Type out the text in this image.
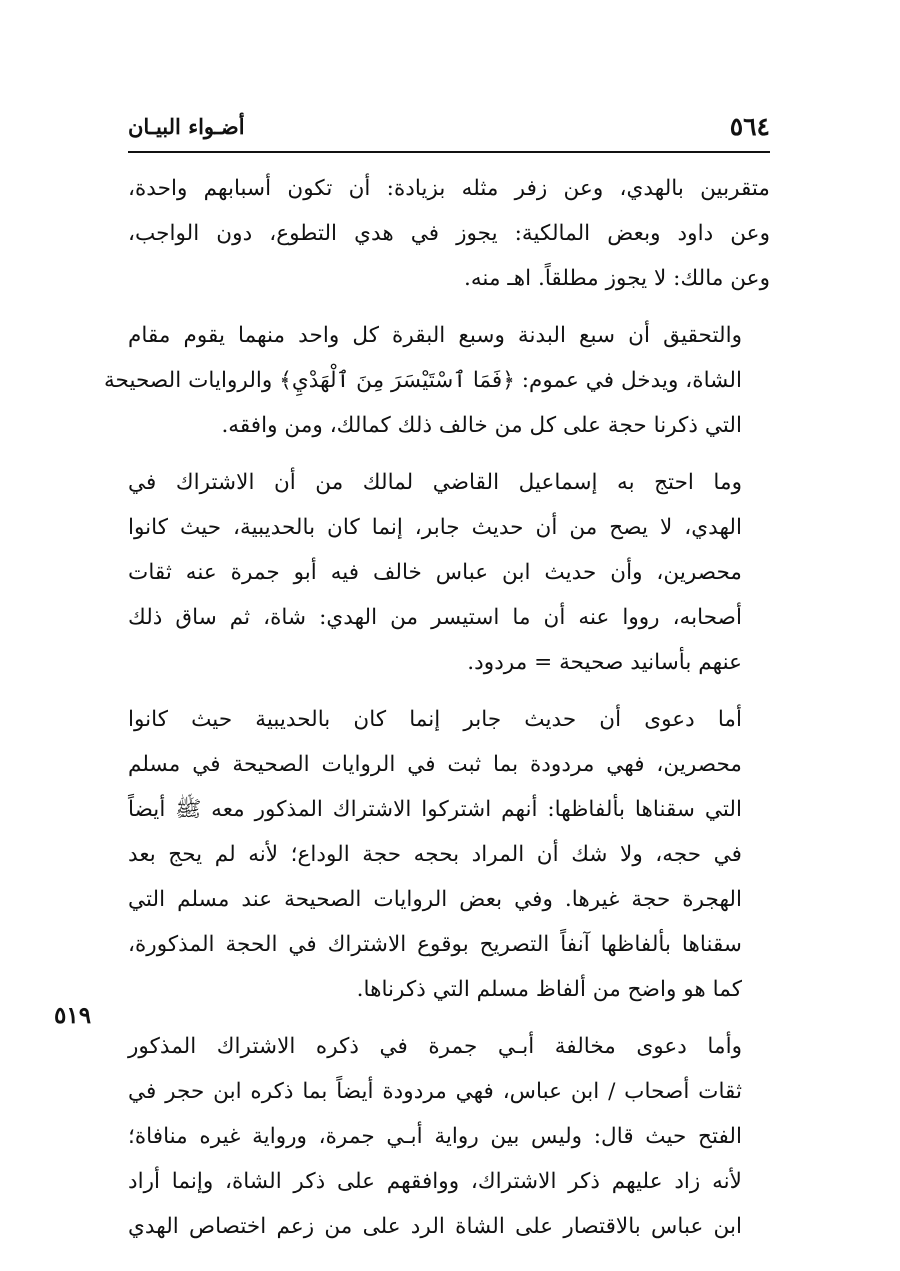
٥٦٤
أضـواء البيـان
٥١٩

متقربين بالهدي، وعن زفر مثله بزيادة: أن تكون أسبابهم واحدة،
وعن داود وبعض المالكية: يجوز في هدي التطوع، دون الواجب،
وعن مالك: لا يجوز مطلقاً. اهـ منه.

والتحقيق أن سبع البدنة وسبع البقرة كل واحد منهما يقوم مقام
الشاة، ويدخل في عموم: ﴿فَمَا ٱسْتَيْسَرَ مِنَ ٱلْهَدْيِ﴾ والروايات الصحيحة
التي ذكرنا حجة على كل من خالف ذلك كمالك، ومن وافقه.

وما احتج به إسماعيل القاضي لمالك من أن الاشتراك في
الهدي، لا يصح من أن حديث جابر، إنما كان بالحديبية، حيث كانوا
محصرين، وأن حديث ابن عباس خالف فيه أبو جمرة عنه ثقات
أصحابه، رووا عنه أن ما استيسر من الهدي: شاة، ثم ساق ذلك
عنهم بأسانيد صحيحة = مردود.

أما دعوى أن حديث جابر إنما كان بالحديبية حيث كانوا
محصرين، فهي مردودة بما ثبت في الروايات الصحيحة في مسلم
التي سقناها بألفاظها: أنهم اشتركوا الاشتراك المذكور معه ﷺ أيضاً
في حجه، ولا شك أن المراد بحجه حجة الوداع؛ لأنه لم يحج بعد
الهجرة حجة غيرها. وفي بعض الروايات الصحيحة عند مسلم التي
سقناها بألفاظها آنفاً التصريح بوقوع الاشتراك في الحجة المذكورة،
كما هو واضح من ألفاظ مسلم التي ذكرناها.

وأما دعوى مخالفة أبـي جمرة في ذكره الاشتراك المذكور
ثقات أصحاب / ابن عباس، فهي مردودة أيضاً بما ذكره ابن حجر في
الفتح حيث قال: وليس بين رواية أبـي جمرة، ورواية غيره منافاة؛
لأنه زاد عليهم ذكر الاشتراك، ووافقهم على ذكر الشاة، وإنما أراد
ابن عباس بالاقتصار على الشاة الرد على من زعم اختصاص الهدي
